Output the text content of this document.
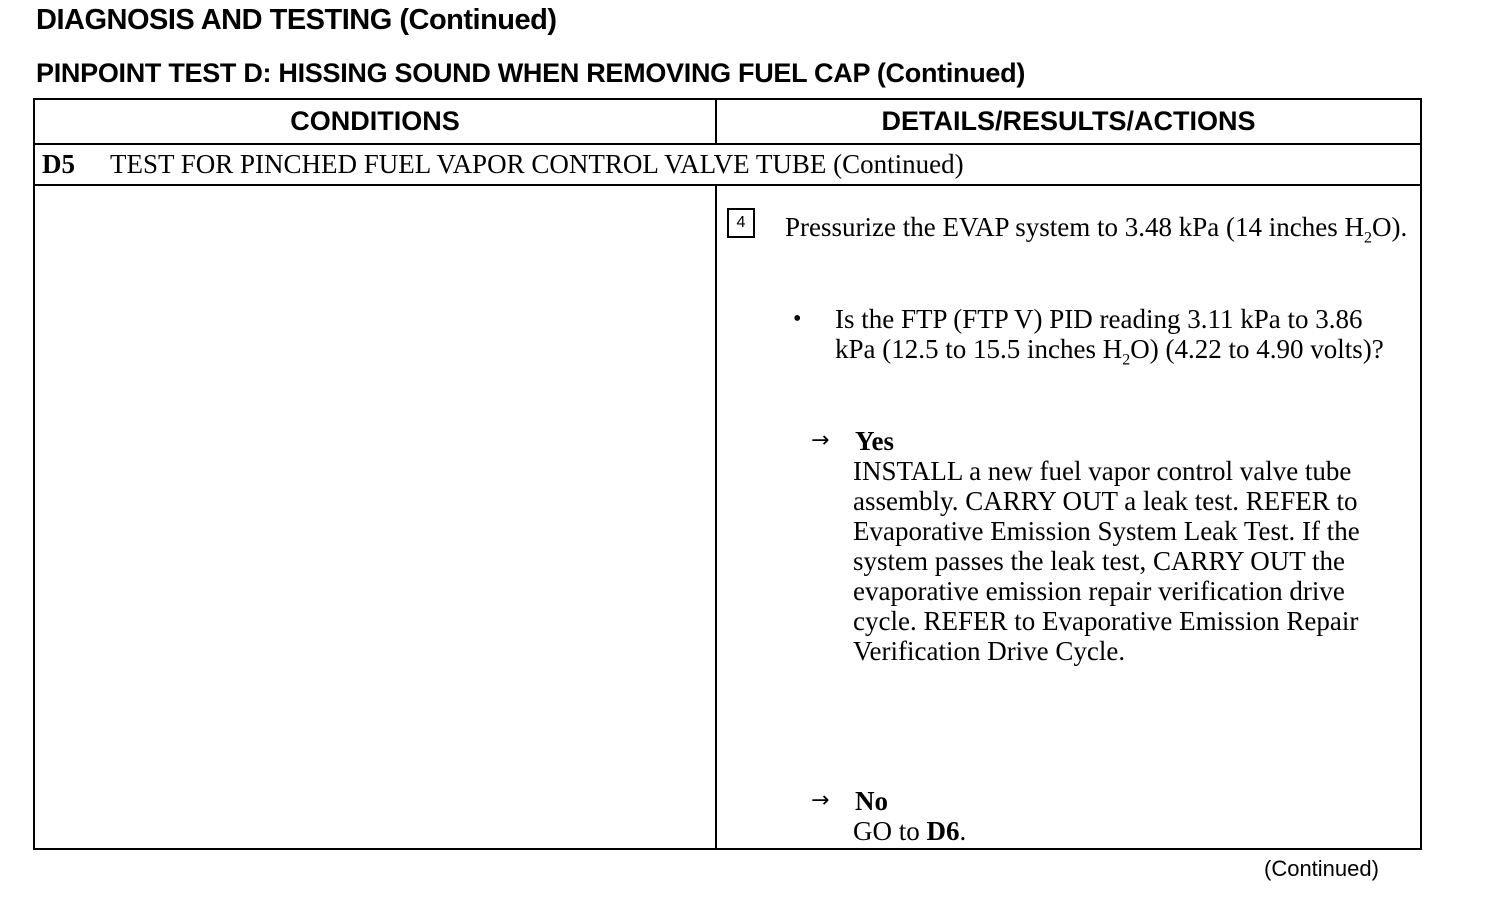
DIAGNOSIS AND TESTING (Continued)
PINPOINT TEST D: HISSING SOUND WHEN REMOVING FUEL CAP (Continued)
CONDITIONS	DETAILS/RESULTS/ACTIONS
D5	TEST FOR PINCHED FUEL VAPOR CONTROL VALVE TUBE (Continued)
4	Pressurize the EVAP system to 3.48 kPa (14 inches $H_2O$).
• Is the FTP (FTP V) PID reading 3.11 kPa to 3.86 kPa (12.5 to 15.5 inches $H_2O$) (4.22 to 4.90 volts)?
→ Yes
INSTALL a new fuel vapor control valve tube assembly. CARRY OUT a leak test. REFER to Evaporative Emission System Leak Test. If the system passes the leak test, CARRY OUT the evaporative emission repair verification drive cycle. REFER to Evaporative Emission Repair Verification Drive Cycle.
→ No
GO to D6.
(Continued)
